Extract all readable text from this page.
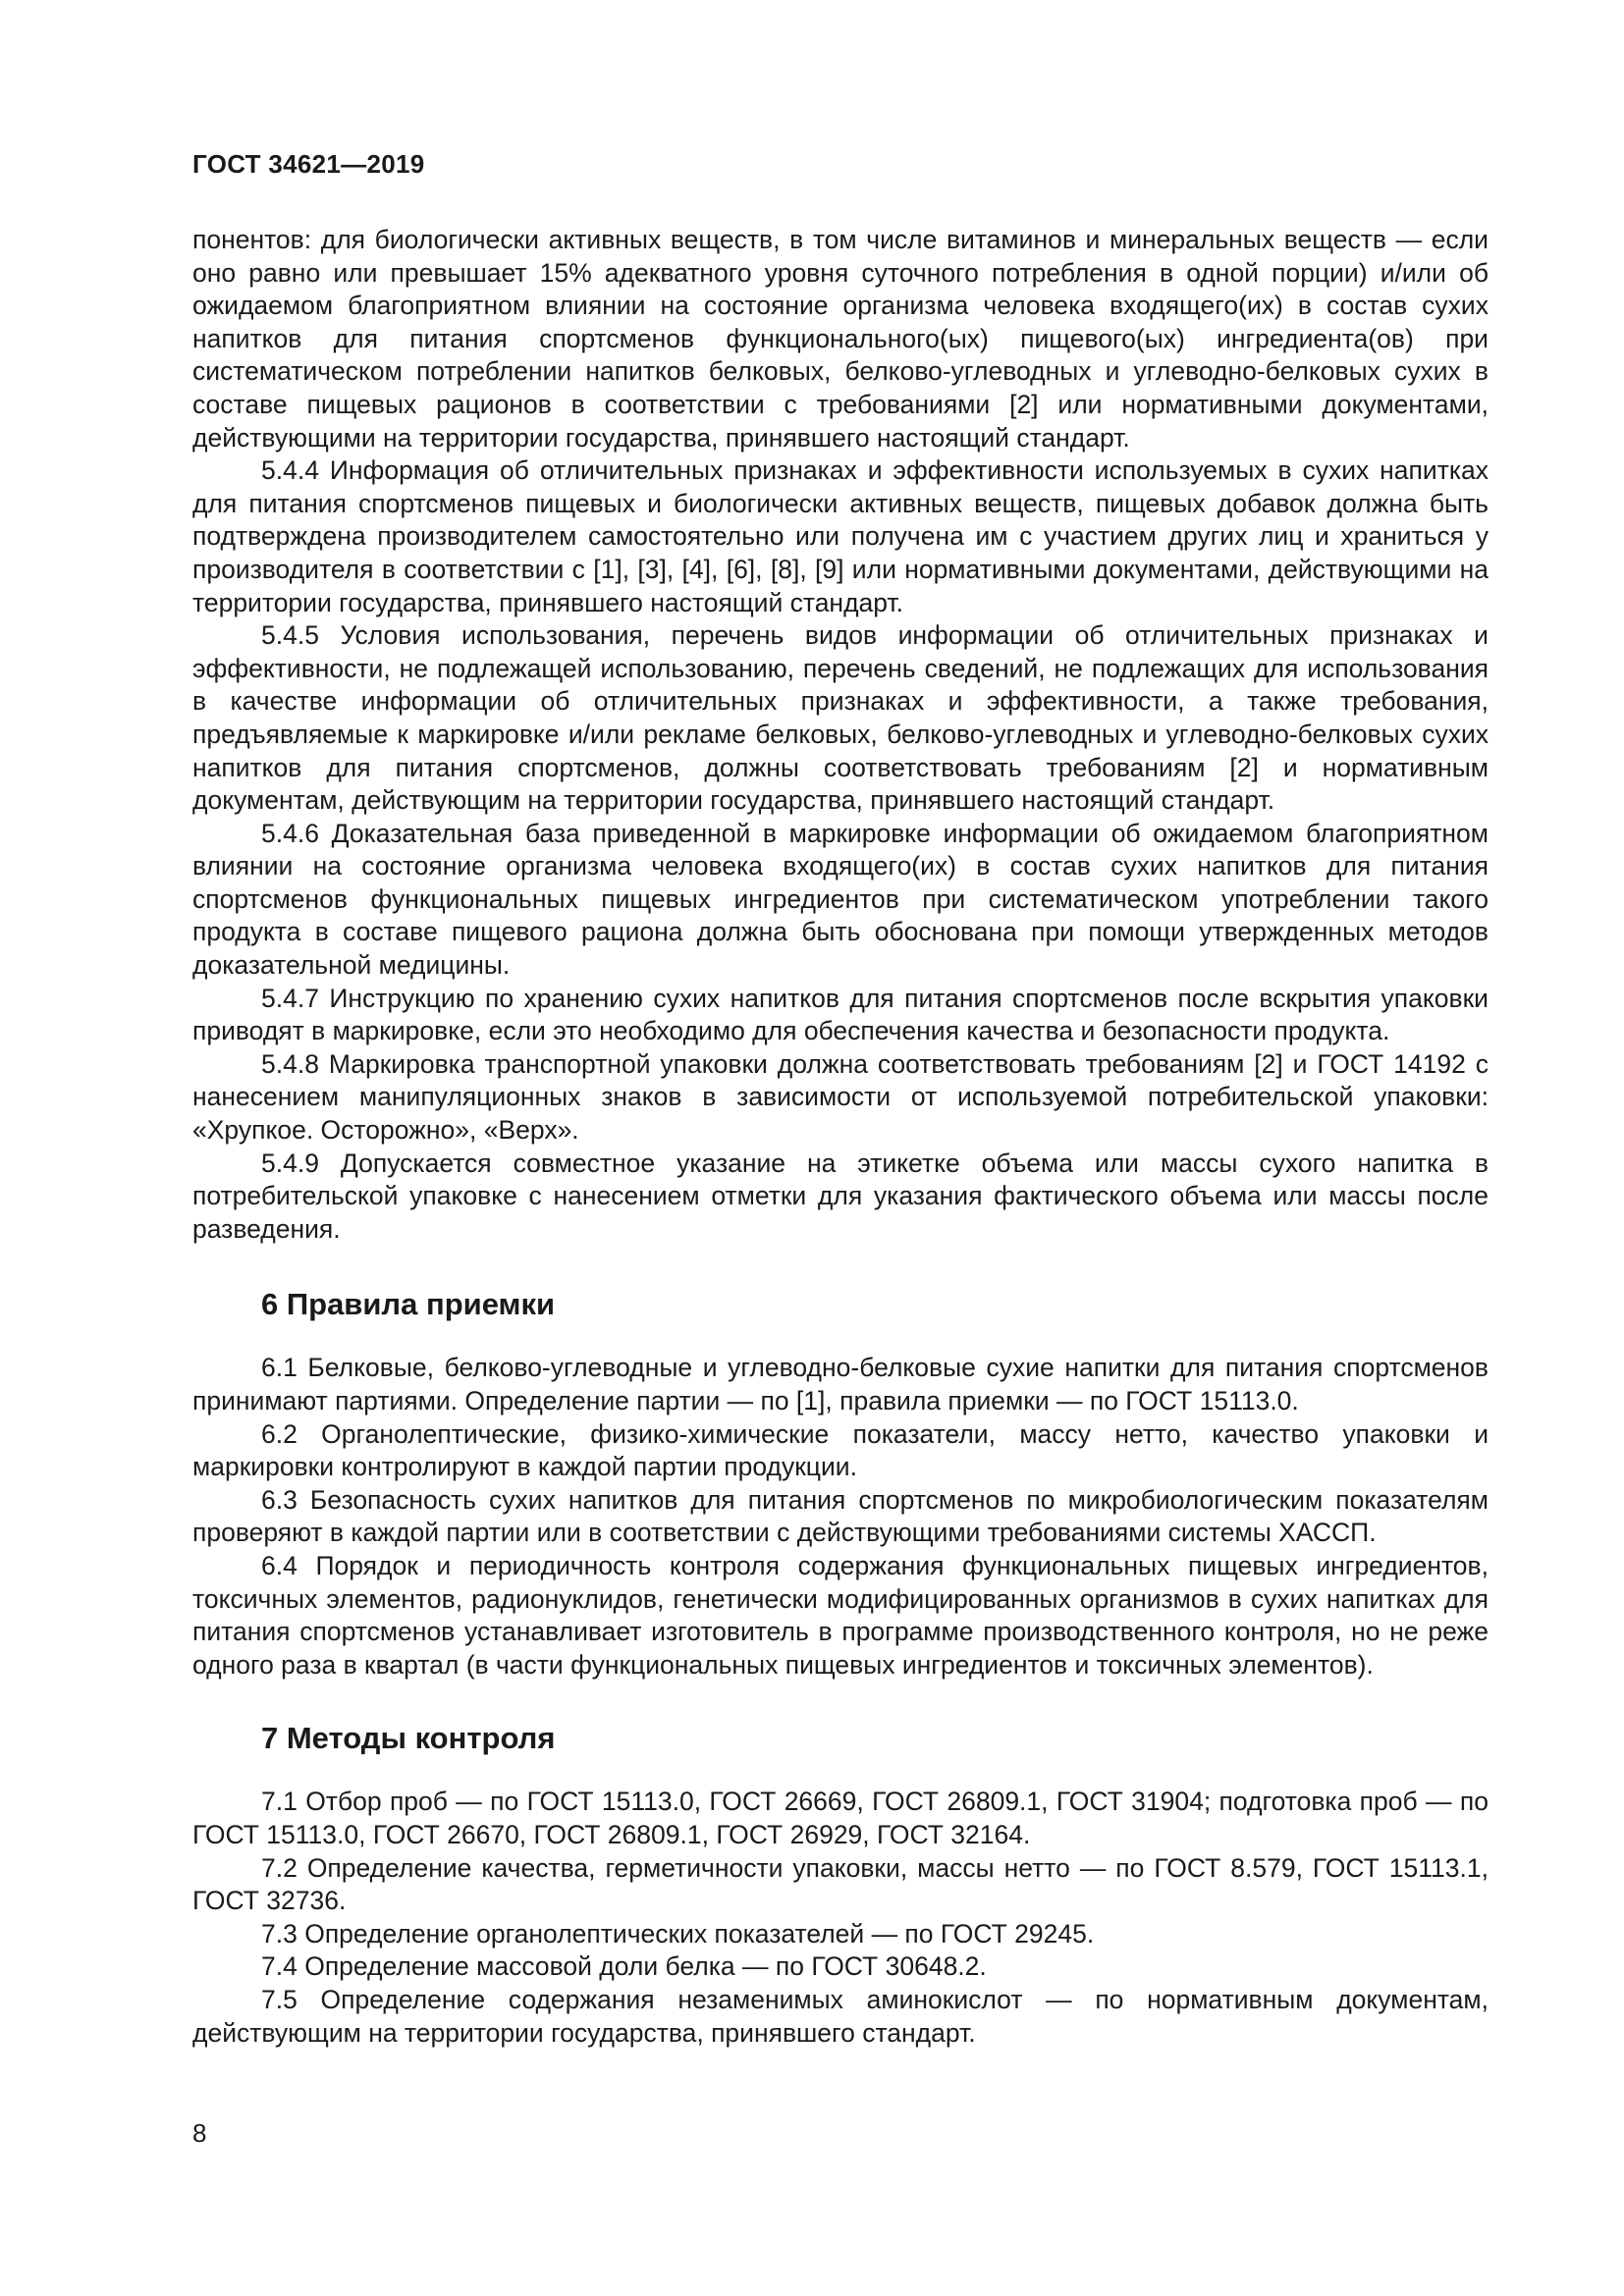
ГОСТ 34621—2019

понентов: для биологически активных веществ, в том числе витаминов и минеральных веществ — если оно равно или превышает 15% адекватного уровня суточного потребления в одной порции) и/или об ожидаемом благоприятном влиянии на состояние организма человека входящего(их) в состав сухих напитков для питания спортсменов функционального(ых) пищевого(ых) ингредиента(ов) при систематическом потреблении напитков белковых, белково-углеводных и углеводно-белковых сухих в составе пищевых рационов в соответствии с требованиями [2] или нормативными документами, действующими на территории государства, принявшего настоящий стандарт.

5.4.4 Информация об отличительных признаках и эффективности используемых в сухих напитках для питания спортсменов пищевых и биологически активных веществ, пищевых добавок должна быть подтверждена производителем самостоятельно или получена им с участием других лиц и храниться у производителя в соответствии с [1], [3], [4], [6], [8], [9] или нормативными документами, действующими на территории государства, принявшего настоящий стандарт.

5.4.5 Условия использования, перечень видов информации об отличительных признаках и эффективности, не подлежащей использованию, перечень сведений, не подлежащих для использования в качестве информации об отличительных признаках и эффективности, а также требования, предъявляемые к маркировке и/или рекламе белковых, белково-углеводных и углеводно-белковых сухих напитков для питания спортсменов, должны соответствовать требованиям [2] и нормативным документам, действующим на территории государства, принявшего настоящий стандарт.

5.4.6 Доказательная база приведенной в маркировке информации об ожидаемом благоприятном влиянии на состояние организма человека входящего(их) в состав сухих напитков для питания спортсменов функциональных пищевых ингредиентов при систематическом употреблении такого продукта в составе пищевого рациона должна быть обоснована при помощи утвержденных методов доказательной медицины.

5.4.7 Инструкцию по хранению сухих напитков для питания спортсменов после вскрытия упаковки приводят в маркировке, если это необходимо для обеспечения качества и безопасности продукта.

5.4.8 Маркировка транспортной упаковки должна соответствовать требованиям [2] и ГОСТ 14192 с нанесением манипуляционных знаков в зависимости от используемой потребительской упаковки: «Хрупкое. Осторожно», «Верх».

5.4.9 Допускается совместное указание на этикетке объема или массы сухого напитка в потребительской упаковке с нанесением отметки для указания фактического объема или массы после разведения.

6 Правила приемки

6.1 Белковые, белково-углеводные и углеводно-белковые сухие напитки для питания спортсменов принимают партиями. Определение партии — по [1], правила приемки — по ГОСТ 15113.0.

6.2 Органолептические, физико-химические показатели, массу нетто, качество упаковки и маркировки контролируют в каждой партии продукции.

6.3 Безопасность сухих напитков для питания спортсменов по микробиологическим показателям проверяют в каждой партии или в соответствии с действующими требованиями системы ХАССП.

6.4 Порядок и периодичность контроля содержания функциональных пищевых ингредиентов, токсичных элементов, радионуклидов, генетически модифицированных организмов в сухих напитках для питания спортсменов устанавливает изготовитель в программе производственного контроля, но не реже одного раза в квартал (в части функциональных пищевых ингредиентов и токсичных элементов).

7 Методы контроля

7.1 Отбор проб — по ГОСТ 15113.0, ГОСТ 26669, ГОСТ 26809.1, ГОСТ 31904; подготовка проб — по ГОСТ 15113.0, ГОСТ 26670, ГОСТ 26809.1, ГОСТ 26929, ГОСТ 32164.

7.2 Определение качества, герметичности упаковки, массы нетто — по ГОСТ 8.579, ГОСТ 15113.1, ГОСТ 32736.

7.3 Определение органолептических показателей — по ГОСТ 29245.

7.4 Определение массовой доли белка — по ГОСТ 30648.2.

7.5 Определение содержания незаменимых аминокислот — по нормативным документам, действующим на территории государства, принявшего стандарт.

8
